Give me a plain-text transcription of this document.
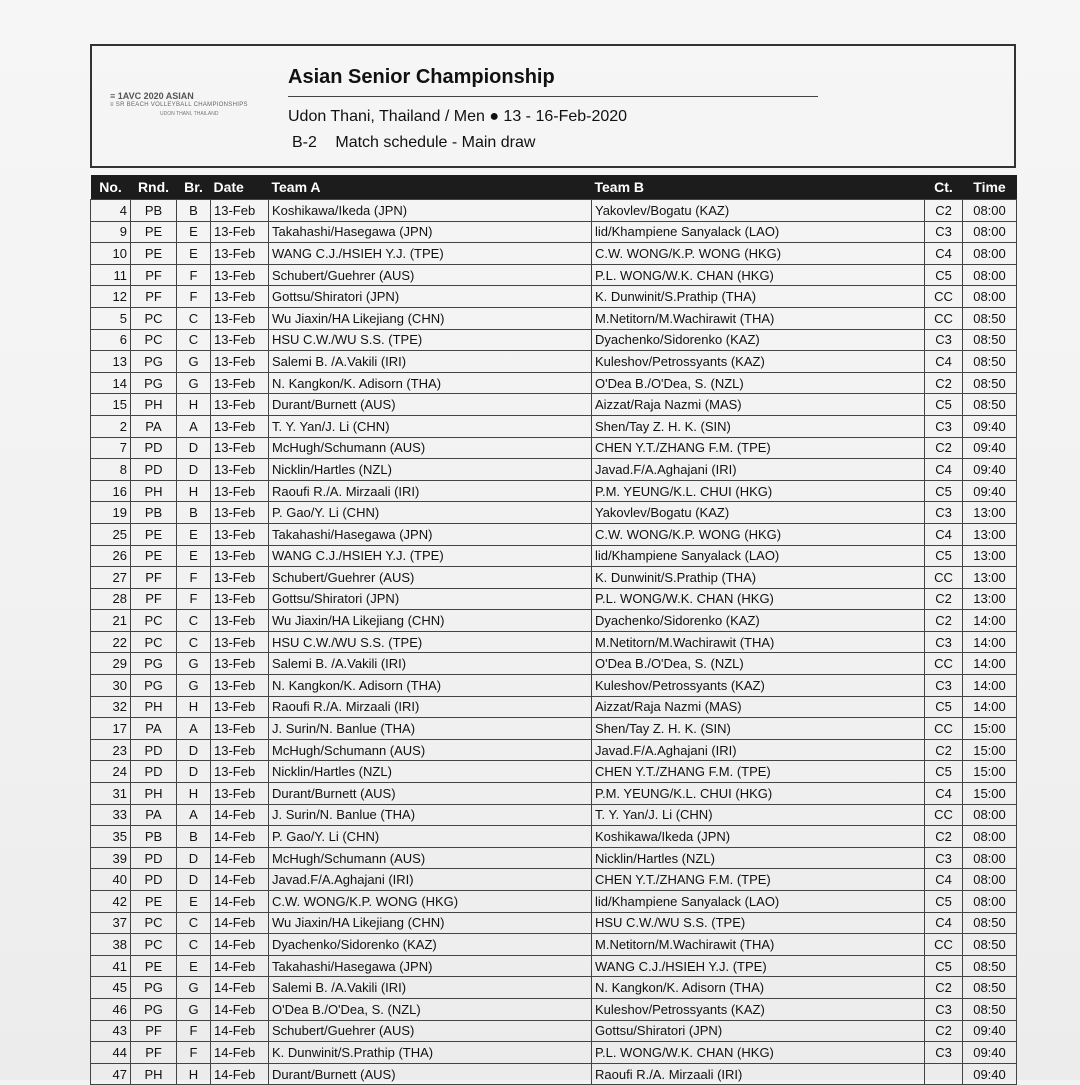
≡ 1AVC 2020 ASIAN
≡ SR BEACH VOLLEYBALL CHAMPIONSHIPS
UDON THANI, THAILAND
Asian Senior Championship
Udon Thani, Thailand / Men ● 13 - 16-Feb-2020
B-2 Match schedule - Main draw
No.	Rnd.	Br.	Date	Team A	Team B	Ct.	Time
4	PB	B	13-Feb	Koshikawa/Ikeda (JPN)	Yakovlev/Bogatu (KAZ)	C2	08:00
9	PE	E	13-Feb	Takahashi/Hasegawa (JPN)	lid/Khampiene Sanyalack (LAO)	C3	08:00
10	PE	E	13-Feb	WANG C.J./HSIEH Y.J. (TPE)	C.W. WONG/K.P. WONG (HKG)	C4	08:00
11	PF	F	13-Feb	Schubert/Guehrer (AUS)	P.L. WONG/W.K. CHAN (HKG)	C5	08:00
12	PF	F	13-Feb	Gottsu/Shiratori (JPN)	K. Dunwinit/S.Prathip (THA)	CC	08:00
5	PC	C	13-Feb	Wu Jiaxin/HA Likejiang (CHN)	M.Netitorn/M.Wachirawit (THA)	CC	08:50
6	PC	C	13-Feb	HSU C.W./WU S.S. (TPE)	Dyachenko/Sidorenko (KAZ)	C3	08:50
13	PG	G	13-Feb	Salemi B. /A.Vakili (IRI)	Kuleshov/Petrossyants (KAZ)	C4	08:50
14	PG	G	13-Feb	N. Kangkon/K. Adisorn (THA)	O'Dea B./O'Dea, S. (NZL)	C2	08:50
15	PH	H	13-Feb	Durant/Burnett (AUS)	Aizzat/Raja Nazmi (MAS)	C5	08:50
2	PA	A	13-Feb	T. Y. Yan/J. Li (CHN)	Shen/Tay Z. H. K. (SIN)	C3	09:40
7	PD	D	13-Feb	McHugh/Schumann (AUS)	CHEN Y.T./ZHANG F.M. (TPE)	C2	09:40
8	PD	D	13-Feb	Nicklin/Hartles (NZL)	Javad.F/A.Aghajani (IRI)	C4	09:40
16	PH	H	13-Feb	Raoufi R./A. Mirzaali (IRI)	P.M. YEUNG/K.L. CHUI (HKG)	C5	09:40
19	PB	B	13-Feb	P. Gao/Y. Li (CHN)	Yakovlev/Bogatu (KAZ)	C3	13:00
25	PE	E	13-Feb	Takahashi/Hasegawa (JPN)	C.W. WONG/K.P. WONG (HKG)	C4	13:00
26	PE	E	13-Feb	WANG C.J./HSIEH Y.J. (TPE)	lid/Khampiene Sanyalack (LAO)	C5	13:00
27	PF	F	13-Feb	Schubert/Guehrer (AUS)	K. Dunwinit/S.Prathip (THA)	CC	13:00
28	PF	F	13-Feb	Gottsu/Shiratori (JPN)	P.L. WONG/W.K. CHAN (HKG)	C2	13:00
21	PC	C	13-Feb	Wu Jiaxin/HA Likejiang (CHN)	Dyachenko/Sidorenko (KAZ)	C2	14:00
22	PC	C	13-Feb	HSU C.W./WU S.S. (TPE)	M.Netitorn/M.Wachirawit (THA)	C3	14:00
29	PG	G	13-Feb	Salemi B. /A.Vakili (IRI)	O'Dea B./O'Dea, S. (NZL)	CC	14:00
30	PG	G	13-Feb	N. Kangkon/K. Adisorn (THA)	Kuleshov/Petrossyants (KAZ)	C3	14:00
32	PH	H	13-Feb	Raoufi R./A. Mirzaali (IRI)	Aizzat/Raja Nazmi (MAS)	C5	14:00
17	PA	A	13-Feb	J. Surin/N. Banlue (THA)	Shen/Tay Z. H. K. (SIN)	CC	15:00
23	PD	D	13-Feb	McHugh/Schumann (AUS)	Javad.F/A.Aghajani (IRI)	C2	15:00
24	PD	D	13-Feb	Nicklin/Hartles (NZL)	CHEN Y.T./ZHANG F.M. (TPE)	C5	15:00
31	PH	H	13-Feb	Durant/Burnett (AUS)	P.M. YEUNG/K.L. CHUI (HKG)	C4	15:00
33	PA	A	14-Feb	J. Surin/N. Banlue (THA)	T. Y. Yan/J. Li (CHN)	CC	08:00
35	PB	B	14-Feb	P. Gao/Y. Li (CHN)	Koshikawa/Ikeda (JPN)	C2	08:00
39	PD	D	14-Feb	McHugh/Schumann (AUS)	Nicklin/Hartles (NZL)	C3	08:00
40	PD	D	14-Feb	Javad.F/A.Aghajani (IRI)	CHEN Y.T./ZHANG F.M. (TPE)	C4	08:00
42	PE	E	14-Feb	C.W. WONG/K.P. WONG (HKG)	lid/Khampiene Sanyalack (LAO)	C5	08:00
37	PC	C	14-Feb	Wu Jiaxin/HA Likejiang (CHN)	HSU C.W./WU S.S. (TPE)	C4	08:50
38	PC	C	14-Feb	Dyachenko/Sidorenko (KAZ)	M.Netitorn/M.Wachirawit (THA)	CC	08:50
41	PE	E	14-Feb	Takahashi/Hasegawa (JPN)	WANG C.J./HSIEH Y.J. (TPE)	C5	08:50
45	PG	G	14-Feb	Salemi B. /A.Vakili (IRI)	N. Kangkon/K. Adisorn (THA)	C2	08:50
46	PG	G	14-Feb	O'Dea B./O'Dea, S. (NZL)	Kuleshov/Petrossyants (KAZ)	C3	08:50
43	PF	F	14-Feb	Schubert/Guehrer (AUS)	Gottsu/Shiratori (JPN)	C2	09:40
44	PF	F	14-Feb	K. Dunwinit/S.Prathip (THA)	P.L. WONG/W.K. CHAN (HKG)	C3	09:40
47	PH	H	14-Feb	Durant/Burnett (AUS)	Raoufi R./A. Mirzaali (IRI)		09:40
